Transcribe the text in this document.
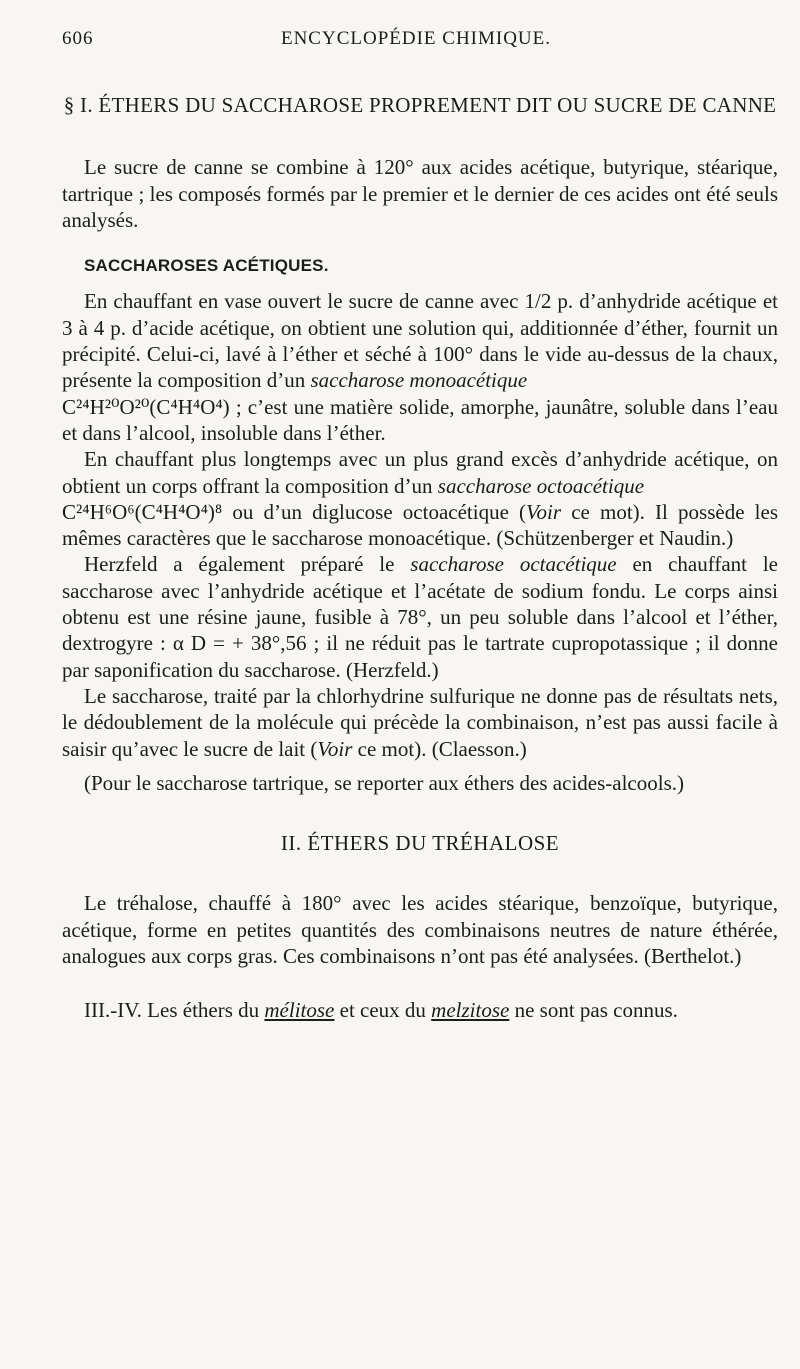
606	ENCYCLOPÉDIE CHIMIQUE.
§ I. ÉTHERS DU SACCHAROSE PROPREMENT DIT OU SUCRE DE CANNE

Le sucre de canne se combine à 120° aux acides acétique, butyrique, stéarique, tartrique ; les composés formés par le premier et le dernier de ces acides ont été seuls analysés.

SACCHAROSES ACÉTIQUES.

En chauffant en vase ouvert le sucre de canne avec 1/2 p. d’anhydride acétique et 3 à 4 p. d’acide acétique, on obtient une solution qui, additionnée d’éther, fournit un précipité. Celui-ci, lavé à l’éther et séché à 100° dans le vide au-dessus de la chaux, présente la composition d’un saccharose monoacétique
C²⁴H²⁰O²⁰(C⁴H⁴O⁴) ; c’est une matière solide, amorphe, jaunâtre, soluble dans l’eau et dans l’alcool, insoluble dans l’éther.

En chauffant plus longtemps avec un plus grand excès d’anhydride acétique, on obtient un corps offrant la composition d’un saccharose octoacétique
C²⁴H⁶O⁶(C⁴H⁴O⁴)⁸ ou d’un diglucose octoacétique (Voir ce mot). Il possède les mêmes caractères que le saccharose monoacétique. (Schützenberger et Naudin.)

Herzfeld a également préparé le saccharose octacétique en chauffant le saccharose avec l’anhydride acétique et l’acétate de sodium fondu. Le corps ainsi obtenu est une résine jaune, fusible à 78°, un peu soluble dans l’alcool et l’éther, dextrogyre : α D = + 38°,56 ; il ne réduit pas le tartrate cupropotassique ; il donne par saponification du saccharose. (Herzfeld.)

Le saccharose, traité par la chlorhydrine sulfurique ne donne pas de résultats nets, le dédoublement de la molécule qui précède la combinaison, n’est pas aussi facile à saisir qu’avec le sucre de lait (Voir ce mot). (Claesson.)

(Pour le saccharose tartrique, se reporter aux éthers des acides-alcools.)

II. ÉTHERS DU TRÉHALOSE

Le tréhalose, chauffé à 180° avec les acides stéarique, benzoïque, butyrique, acétique, forme en petites quantités des combinaisons neutres de nature éthérée, analogues aux corps gras. Ces combinaisons n’ont pas été analysées. (Berthelot.)

III.-IV. Les éthers du mélitose et ceux du melzitose ne sont pas connus.
